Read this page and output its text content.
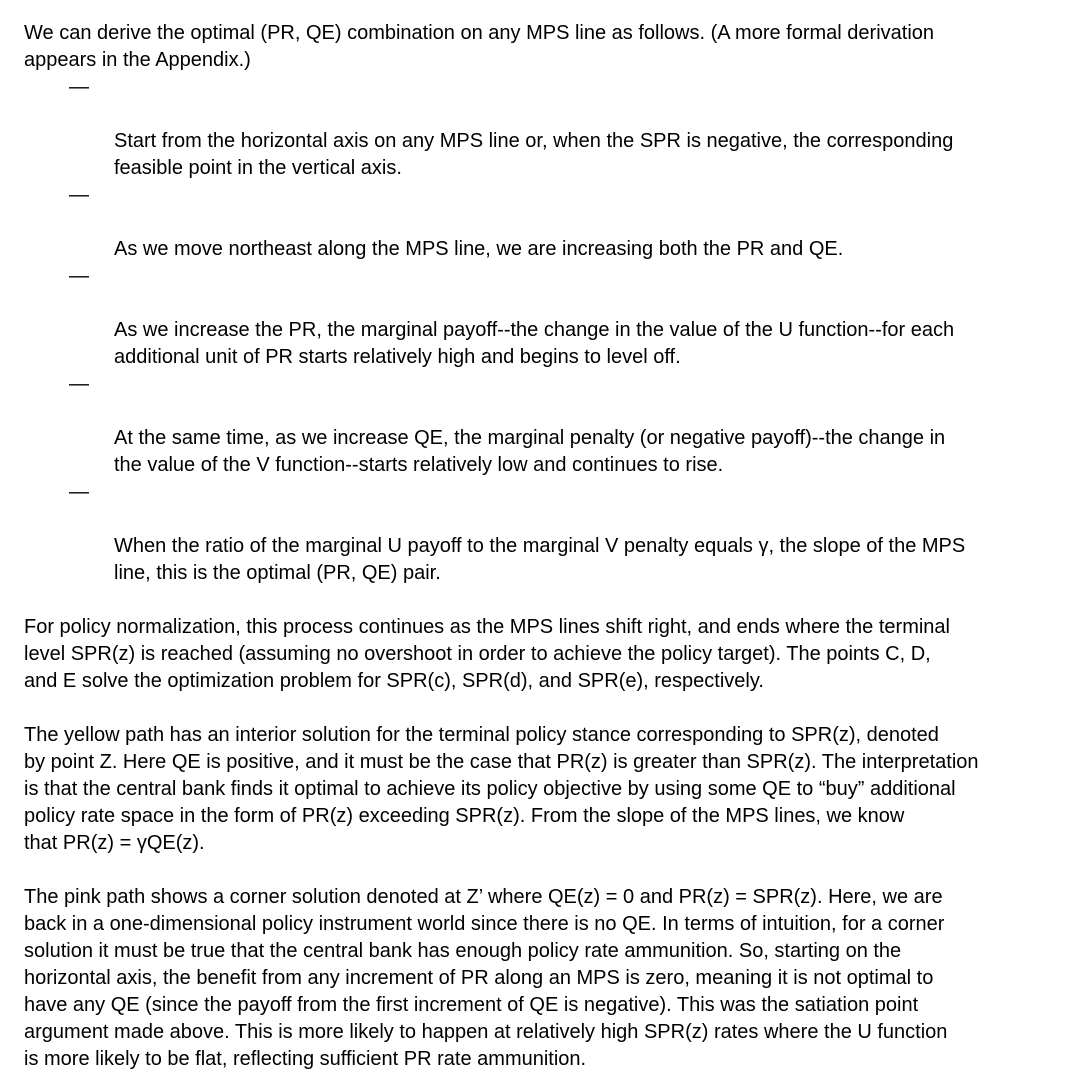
We can derive the optimal (PR, QE) combination on any MPS line as follows. (A more formal derivation
appears in the Appendix.)

—

Start from the horizontal axis on any MPS line or, when the SPR is negative, the corresponding
feasible point in the vertical axis.

—

As we move northeast along the MPS line, we are increasing both the PR and QE.

—

As we increase the PR, the marginal payoff--the change in the value of the U function--for each
additional unit of PR starts relatively high and begins to level off.

—

At the same time, as we increase QE, the marginal penalty (or negative payoff)--the change in
the value of the V function--starts relatively low and continues to rise.

—

When the ratio of the marginal U payoff to the marginal V penalty equals γ, the slope of the MPS
line, this is the optimal (PR, QE) pair.

For policy normalization, this process continues as the MPS lines shift right, and ends where the terminal
level SPR(z) is reached (assuming no overshoot in order to achieve the policy target). The points C, D,
and E solve the optimization problem for SPR(c), SPR(d), and SPR(e), respectively.

The yellow path has an interior solution for the terminal policy stance corresponding to SPR(z), denoted
by point Z. Here QE is positive, and it must be the case that PR(z) is greater than SPR(z). The interpretation
is that the central bank finds it optimal to achieve its policy objective by using some QE to “buy” additional
policy rate space in the form of PR(z) exceeding SPR(z). From the slope of the MPS lines, we know
that PR(z) = γQE(z).

The pink path shows a corner solution denoted at Z’ where QE(z) = 0 and PR(z) = SPR(z). Here, we are
back in a one-dimensional policy instrument world since there is no QE. In terms of intuition, for a corner
solution it must be true that the central bank has enough policy rate ammunition. So, starting on the
horizontal axis, the benefit from any increment of PR along an MPS is zero, meaning it is not optimal to
have any QE (since the payoff from the first increment of QE is negative). This was the satiation point
argument made above. This is more likely to happen at relatively high SPR(z) rates where the U function
is more likely to be flat, reflecting sufficient PR rate ammunition.
